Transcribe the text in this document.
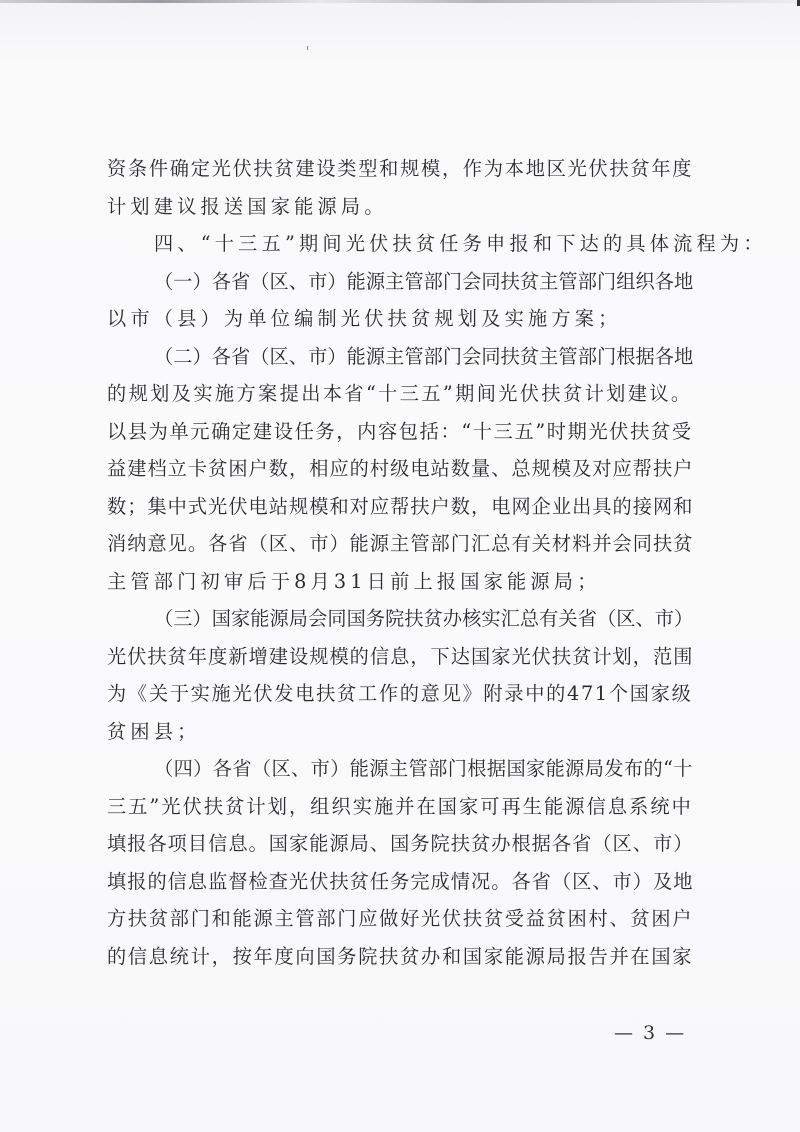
资条件确定光伏扶贫建设类型和规模，作为本地区光伏扶贫年度
计划建议报送国家能源局。
四、“十三五”期间光伏扶贫任务申报和下达的具体流程为：
（一）各省（区、市）能源主管部门会同扶贫主管部门组织各地
以市（县）为单位编制光伏扶贫规划及实施方案；
（二）各省（区、市）能源主管部门会同扶贫主管部门根据各地
的规划及实施方案提出本省“十三五”期间光伏扶贫计划建议。
以县为单元确定建设任务，内容包括：“十三五”时期光伏扶贫受
益建档立卡贫困户数，相应的村级电站数量、总规模及对应帮扶户
数；集中式光伏电站规模和对应帮扶户数，电网企业出具的接网和
消纳意见。各省（区、市）能源主管部门汇总有关材料并会同扶贫
主管部门初审后于8月31日前上报国家能源局；
（三）国家能源局会同国务院扶贫办核实汇总有关省（区、市）
光伏扶贫年度新增建设规模的信息，下达国家光伏扶贫计划，范围
为《关于实施光伏发电扶贫工作的意见》附录中的471个国家级
贫困县；
（四）各省（区、市）能源主管部门根据国家能源局发布的“十
三五”光伏扶贫计划，组织实施并在国家可再生能源信息系统中
填报各项目信息。国家能源局、国务院扶贫办根据各省（区、市）
填报的信息监督检查光伏扶贫任务完成情况。各省（区、市）及地
方扶贫部门和能源主管部门应做好光伏扶贫受益贫困村、贫困户
的信息统计，按年度向国务院扶贫办和国家能源局报告并在国家
— 3 —
